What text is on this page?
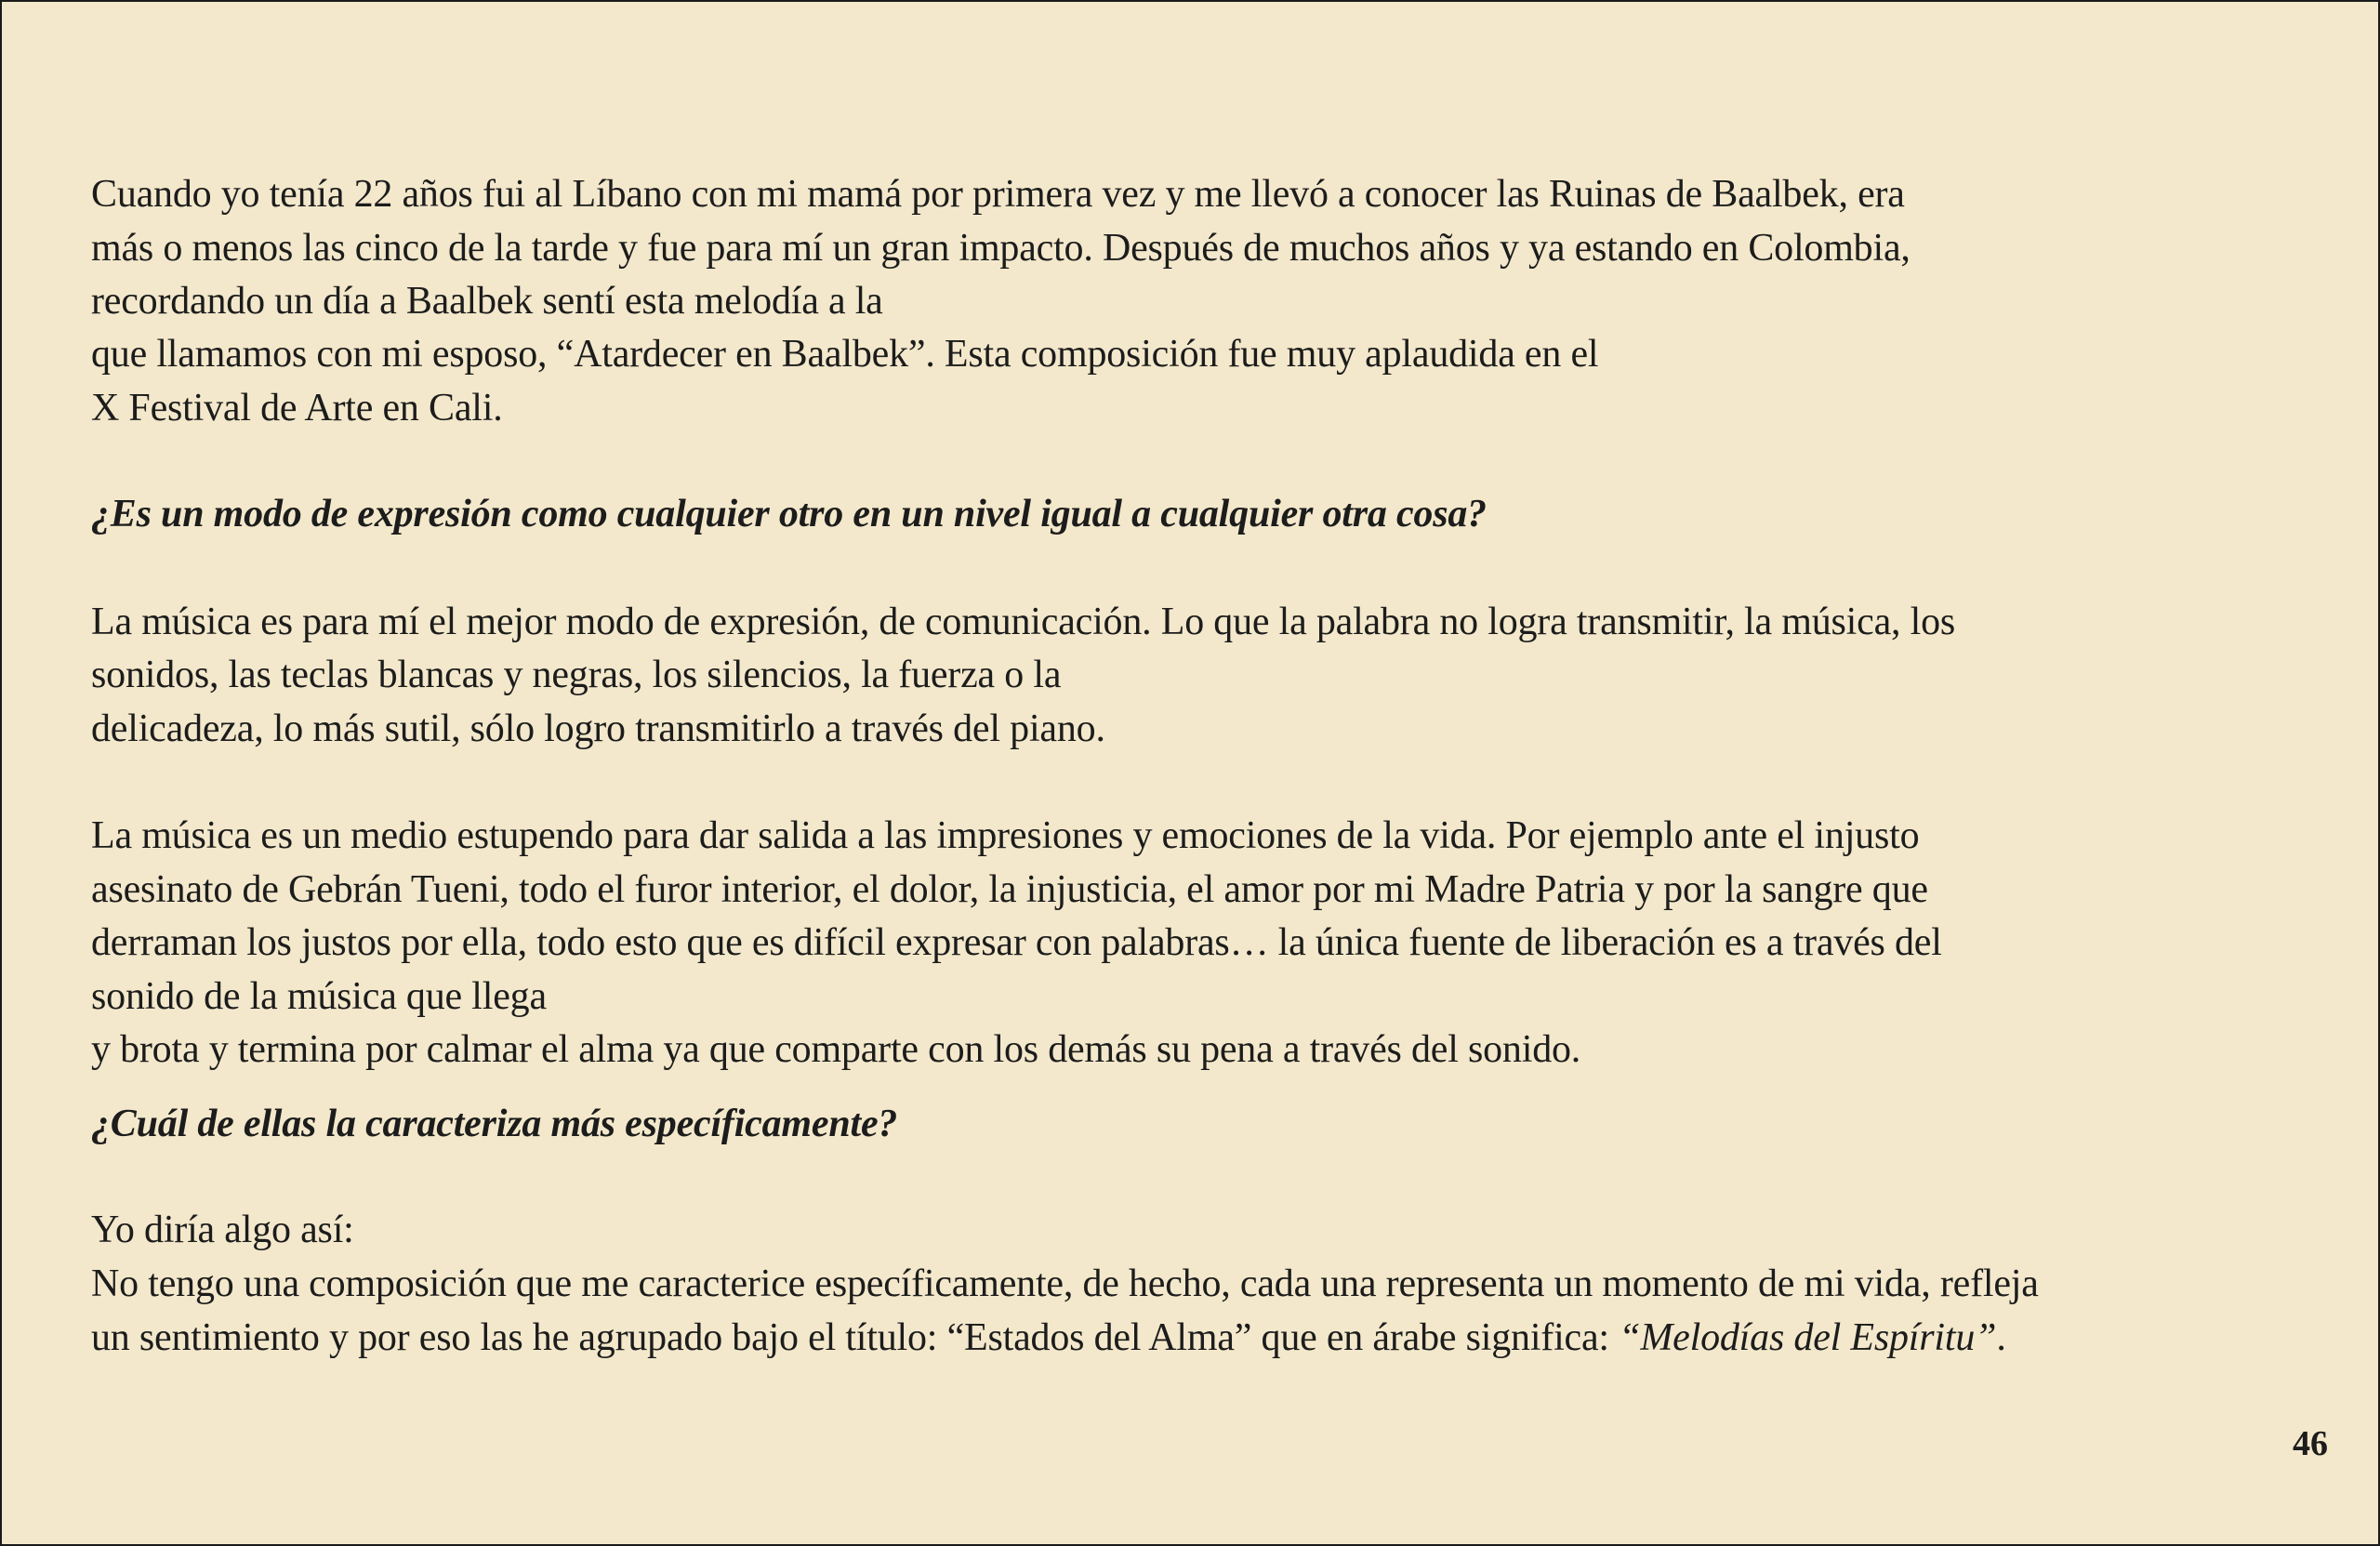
Cuando yo tenía 22 años fui al Líbano con mi mamá por primera vez y me llevó a conocer las Ruinas de Baalbek, era
más o menos las cinco de la tarde y fue para mí un gran impacto. Después de muchos años y ya estando en Colombia,
recordando un día a Baalbek sentí esta melodía a la
que llamamos con mi esposo, “Atardecer en Baalbek”. Esta composición fue muy aplaudida en el
X Festival de Arte en Cali.
¿Es un modo de expresión como cualquier otro en un nivel igual a cualquier otra cosa?
La música es para mí el mejor modo de expresión, de comunicación. Lo que la palabra no logra transmitir, la música, los
sonidos, las teclas blancas y negras, los silencios, la fuerza o la
delicadeza, lo más sutil, sólo logro transmitirlo a través del piano.
La música es un medio estupendo para dar salida a las impresiones y emociones de la vida. Por ejemplo ante el injusto
asesinato de Gebrán Tueni, todo el furor interior, el dolor, la injusticia, el amor por mi Madre Patria y por la sangre que
derraman los justos por ella, todo esto que es difícil expresar con palabras… la única fuente de liberación es a través del
sonido de la música que llega
y brota y termina por calmar el alma ya que comparte con los demás su pena a través del sonido.
¿Cuál de ellas la caracteriza más específicamente?
Yo diría algo así:
No tengo una composición que me caracterice específicamente, de hecho, cada una representa un momento de mi vida, refleja
un sentimiento y por eso las he agrupado bajo el título: “Estados del Alma” que en árabe significa: “Melodías del Espíritu”.
46
